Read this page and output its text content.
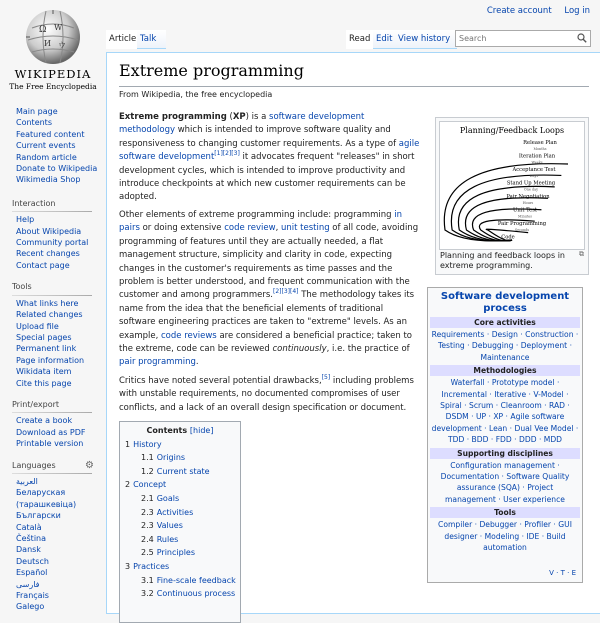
Ω W
И ウ
WIKIPEDIA
The Free Encyclopedia
Create account Log in
Article Talk	Read Edit View history
Search
Main page
Contents
Featured content
Current events
Random article
Donate to Wikipedia
Wikimedia Shop
Interaction
Help
About Wikipedia
Community portal
Recent changes
Contact page
Tools
What links here
Related changes
Upload file
Special pages
Permanent link
Page information
Wikidata item
Cite this page
Print/export
Create a book
Download as PDF
Printable version
Languages	⚙
العربية
Беларуская (тарашкевіца)
Български
Català
Čeština
Dansk
Deutsch
Español
فارسی
Français
Galego
Extreme programming
From Wikipedia, the free encyclopedia
Extreme programming (XP) is a software development methodology which is intended to improve software quality and responsiveness to changing customer requirements. As a type of agile software development[1][2][3] it advocates frequent "releases" in short development cycles, which is intended to improve productivity and introduce checkpoints at which new customer requirements can be adopted.
Other elements of extreme programming include: programming in pairs or doing extensive code review, unit testing of all code, avoiding programming of features until they are actually needed, a flat management structure, simplicity and clarity in code, expecting changes in the customer's requirements as time passes and the problem is better understood, and frequent communication with the customer and among programmers.[2][3][4] The methodology takes its name from the idea that the beneficial elements of traditional software engineering practices are taken to "extreme" levels. As an example, code reviews are considered a beneficial practice; taken to the extreme, code can be reviewed continuously, i.e. the practice of pair programming.
Critics have noted several potential drawbacks,[5] including problems with unstable requirements, no documented compromises of user conflicts, and a lack of an overall design specification or document.
Planning/Feedback Loops
Release Plan
Months
Iteration Plan
Weeks
Acceptance Test
Days
Stand Up Meeting
One day
Pair Negotiation
Hours
Unit Test
Minutes
Pair Programming
Seconds
Code
Planning and feedback loops in extreme programming.
⧉
Software development process
Core activities
Requirements · Design · Construction · Testing · Debugging · Deployment · Maintenance
Methodologies
Waterfall · Prototype model · Incremental · Iterative · V-Model · Spiral · Scrum · Cleanroom · RAD · DSDM · UP · XP · Agile software development · Lean · Dual Vee Model · TDD · BDD · FDD · DDD · MDD
Supporting disciplines
Configuration management · Documentation · Software Quality assurance (SQA) · Project management · User experience
Tools
Compiler · Debugger · Profiler · GUI designer · Modeling · IDE · Build automation
V · T · E
Contents [hide]
1 History
1.1 Origins
1.2 Current state
2 Concept
2.1 Goals
2.3 Activities
2.3 Values
2.4 Rules
2.5 Principles
3 Practices
3.1 Fine-scale feedback
3.2 Continuous process
